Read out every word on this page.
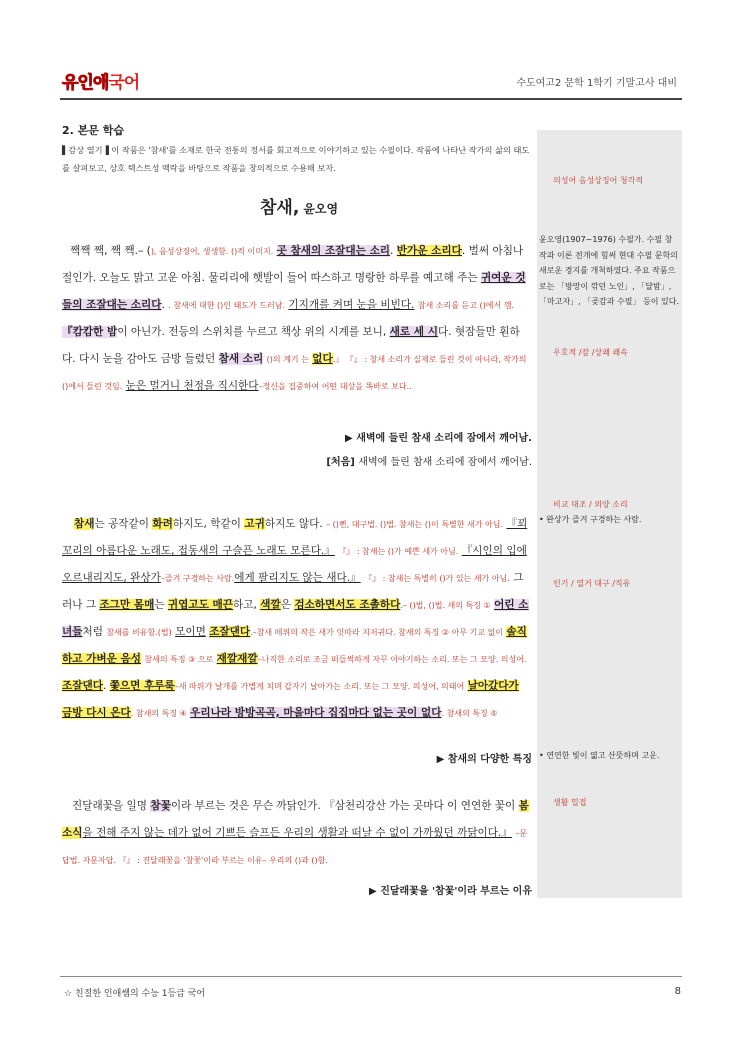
유인애국어	수도여고2 문학 1학기 기말고사 대비
2. 본문 학습
▌감상 열기▐ 이 작품은 '참새'를 소재로 한국 전통의 정서를 회고적으로 이야기하고 있는 수필이다. 작품에 나타난 작가의 삶의 태도를 살펴보고, 상호 텍스트성 맥락을 바탕으로 작품을 창의적으로 수용해 보자.
의성어 음성상징어 청각적
윤오영(1907~1976) 수필가. 수필 창작과 이론 전개에 힘써 현대 수필 문학의 새로운 경지를 개척하였다. 주요 작품으로는 「방망이 깎던 노인」, 「달밤」, 「마고자」, 「곶감과 수필」 등이 있다.
우호적 /잠 /상쾌 쾌속
비교 대조 / 외양 소리
• 완상가 즐겨 구경하는 사람.
인기 / 열거 대구 /직유
• 연연한 빛이 엷고 산뜻하며 고운.
생활 밀접
참새, 윤오영
짹짹 짹, 짹 짹.– (), 음성상징어, 생생함. ()적 이미지. 곳 참새의 조잘대는 소리. 반가운 소리다. 벌써 아침나절인가. 오늘도 맑고 고운 아침. 물리리에 햇발이 들어 따스하고 명랑한 하루를 예고해 주는 귀여운 것들의 조잘대는 소리다. . 참새에 대한 ()인 태도가 드러남. 기지개를 켜며 눈을 비빈다. 참새 소리를 듣고 ()에서 깸. 『캄캄한 밤이 아닌가. 전등의 스위치를 누르고 책상 위의 시계를 보니, 새로 세 시다. 혓잠들만 훤하다. 다시 눈을 감아도 금방 들렸던 참새 소리 ()의 계기 는 없다.』 『』 : 창새 소리가 실제로 들린 것이 아니라, 작가의 ()에서 들린 것임. 눈은 멀거니 천정을 직시한다–정신을 집중하여 어떤 대상을 똑바로 보다..
▶ 새벽에 들린 참새 소리에 잠에서 깨어남.
[처음] 새벽에 들린 참새 소리에 잠에서 깨어남.
참새는 공작같이 화려하지도, 학같이 고귀하지도 않다. – ()뻔, 대구법. ()법. 참새는 ()이 특별한 새가 아님. 『꾀꼬리의 아름다운 노래도, 접동새의 구슬픈 노래도 모른다.』 『』 : 참새는 ()가 예쁜 새가 아님. 『시인의 입에 오르내리지도, 완상가–즐겨 구경하는 사람.에게 팔리지도 않는 새다.』 『』 : 참새는 특별히 ()가 있는 새가 아님. 그러나 그 조그만 몸매는 귀엽고도 매끈하고, 색깔은 검소하면서도 조촐하다.– ()법, ()법. 새의 특징 ① 어린 소녀들처럼 참새를 비유함.(법) 모이면 조잘댄다.–참새 떼위의 작은 새가 잇따라 지저귀다. 참새의 특징 ② 아무 기교 없이 솔직하고 가벼운 음성 참새의 특징 ③ 으로 재깔재깔–나직한 소리로 조금 떠들썩하게 자꾸 이야기하는 소리. 또는 그 모양. 의성어. 조잘댄다. 쫓으면 후루룩–새 따위가 날개를 가볍게 치며 갑자기 날아가는 소리. 또는 그 모양. 의성어, 의태어 날아갔다가 금방 다시 온다. 참새의 특징 ④ 우리나라 방방곡곡, 마을마다 집집마다 없는 곳이 없다. 참새의 특징 ⑤
▶ 참새의 다양한 특징
진달래꽃을 일명 참꽃이라 부르는 것은 무슨 까닭인가. 『삼천리강산 가는 곳마다 이 연연한 꽃이 봄소식을 전해 주지 않는 데가 없어 기쁘든 슬프든 우리의 생활과 떠날 수 없이 가까웠던 까닭이다.』 –문답법. 자문자답. 『』 : 진달래꽃을 '참꽃'이라 부르는 이유– 우리의 ()과 ()함.
▶ 진달래꽃을 '참꽃'이라 부르는 이유
☆ 친절한 인애쌤의 수능 1등급 국어	8
